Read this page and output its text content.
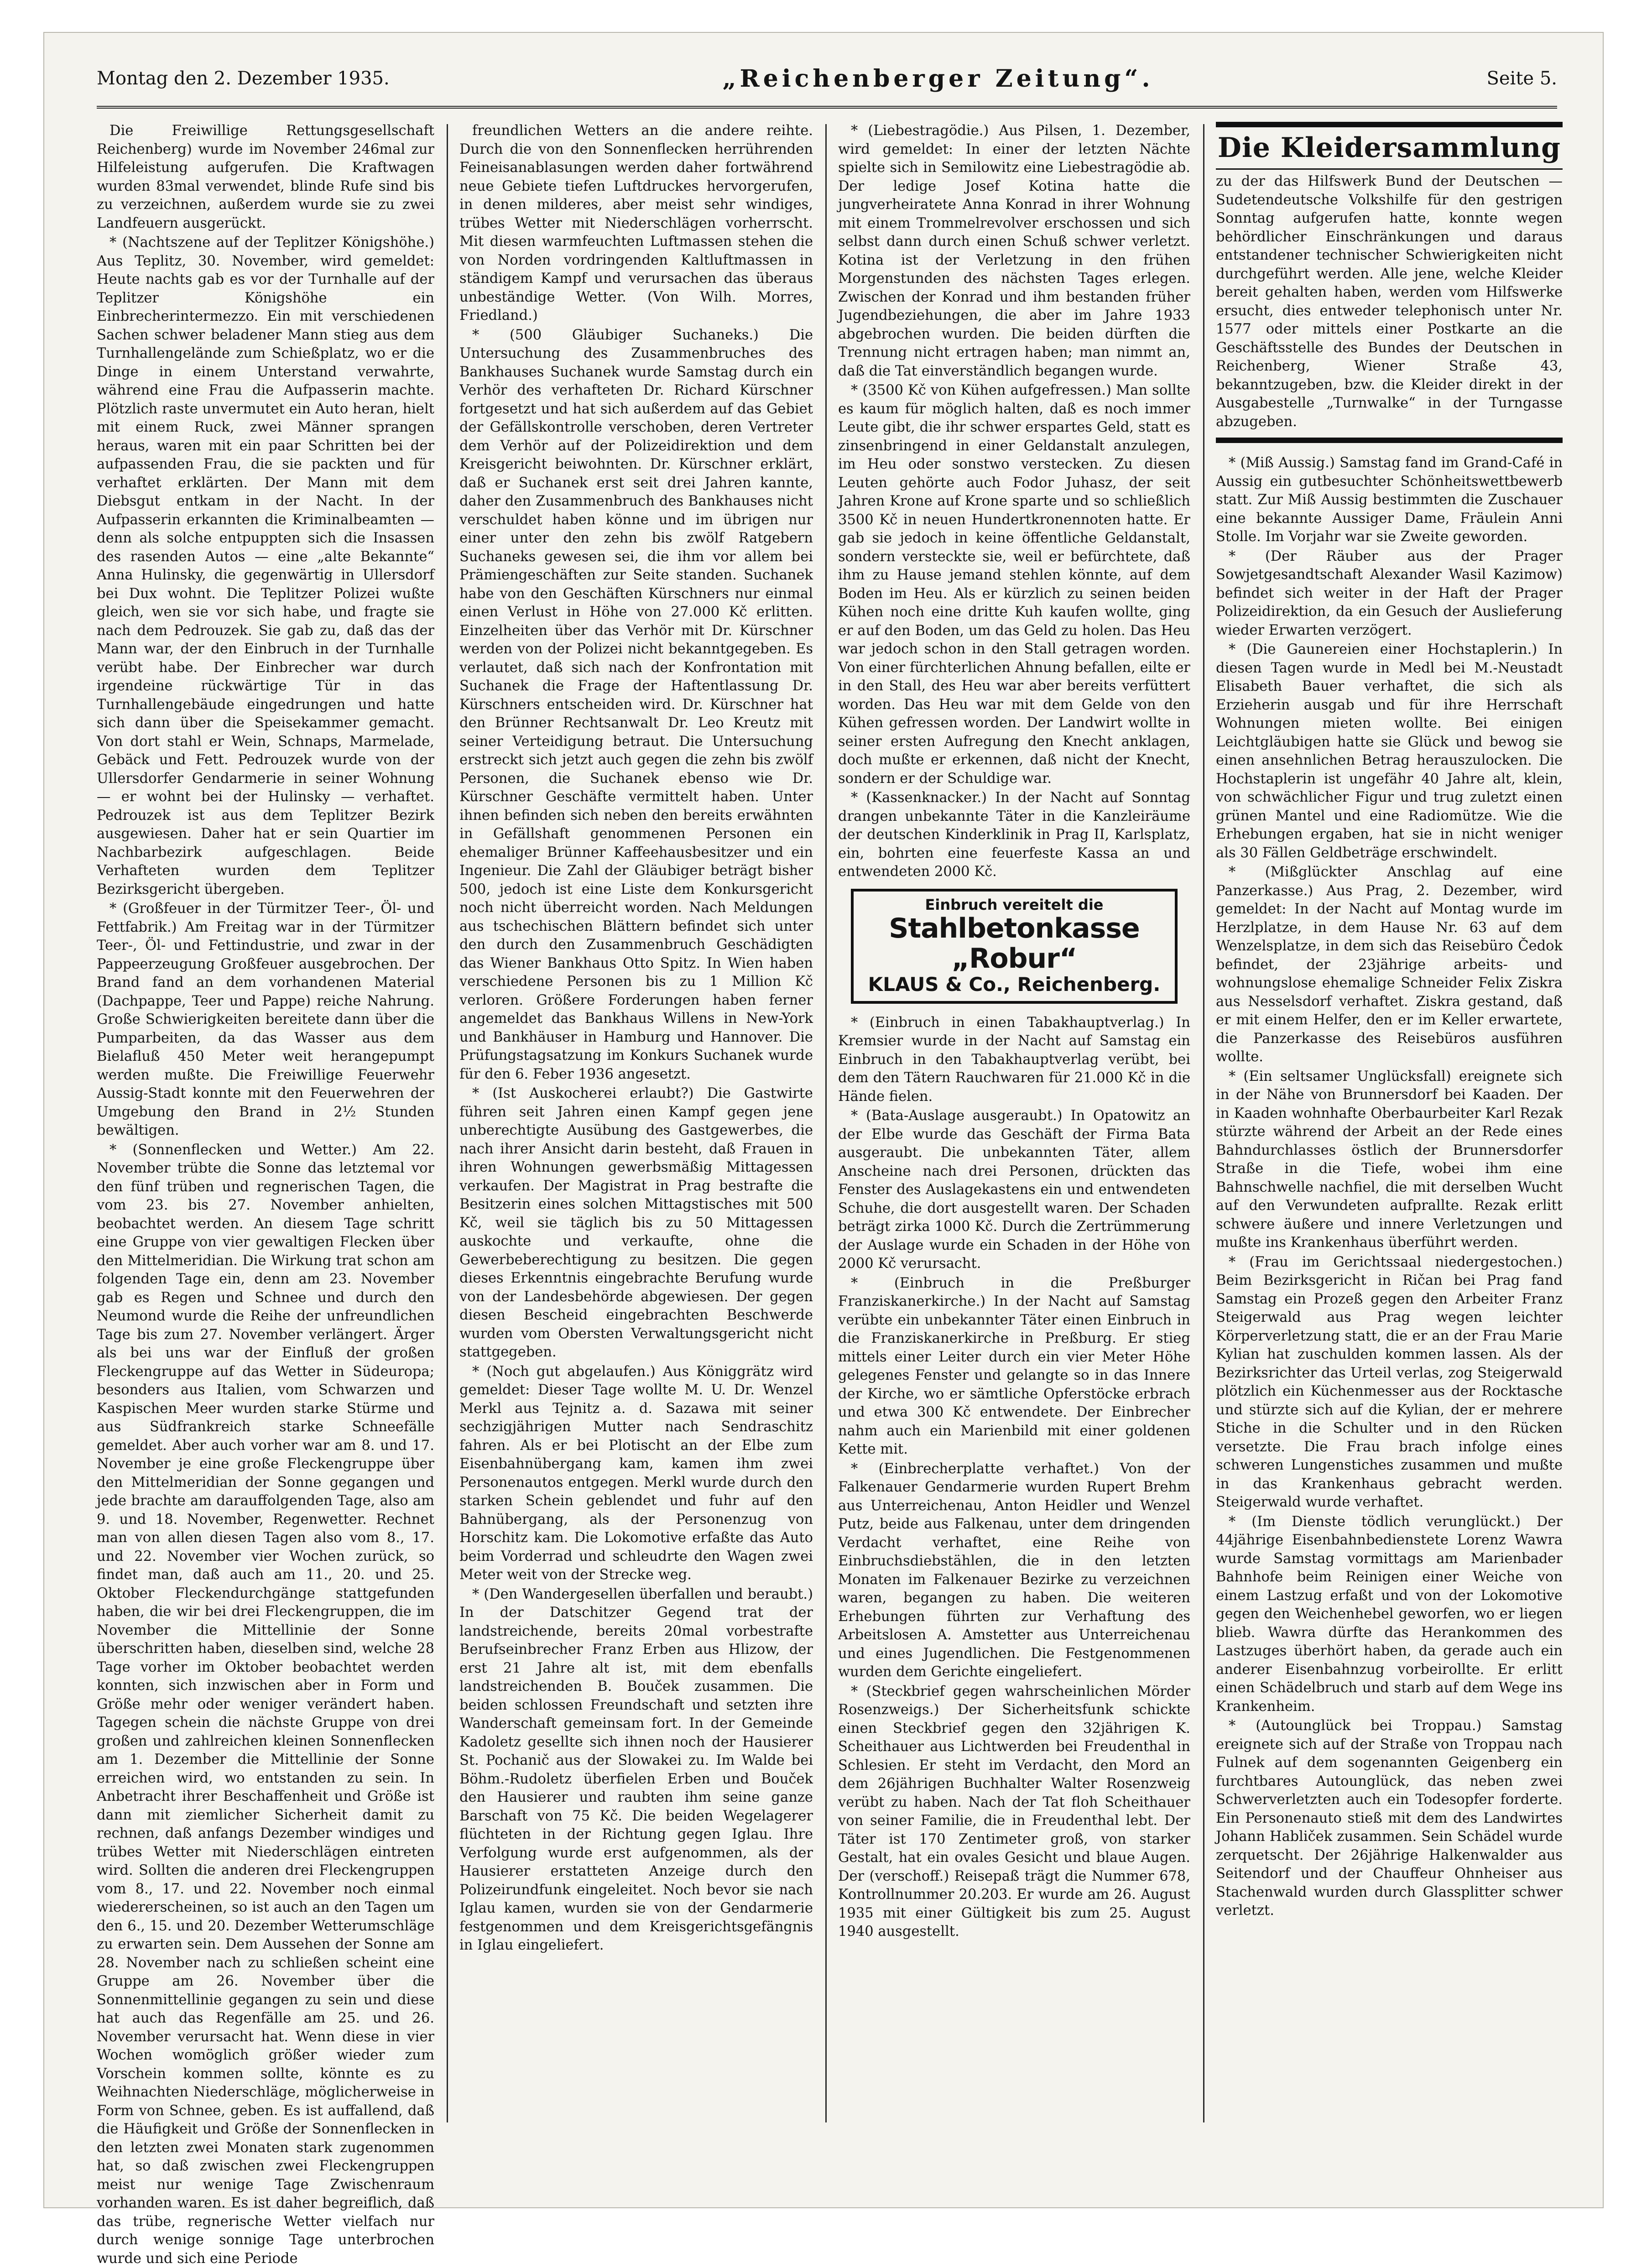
Montag den 2. Dezember 1935.	„Reichenberger Zeitung“.	Seite 5.

Die Freiwillige Rettungsgesellschaft Reichenberg) wurde im November 246mal zur Hilfeleistung aufgerufen. Die Kraftwagen wurden 83mal verwendet, blinde Rufe sind bis zu verzeichnen, außerdem wurde sie zu zwei Landfeuern ausgerückt.

* (Nachtszene auf der Teplitzer Königshöhe.) Aus Teplitz, 30. November, wird gemeldet: Heute nachts gab es vor der Turnhalle auf der Teplitzer Königshöhe ein Einbrecherintermezzo. Ein mit verschiedenen Sachen schwer beladener Mann stieg aus dem Turnhallengelände zum Schießplatz, wo er die Dinge in einem Unterstand verwahrte, während eine Frau die Aufpasserin machte. Plötzlich raste unvermutet ein Auto heran, hielt mit einem Ruck, zwei Männer sprangen heraus, waren mit ein paar Schritten bei der aufpassenden Frau, die sie packten und für verhaftet erklärten. Der Mann mit dem Diebsgut entkam in der Nacht. In der Aufpasserin erkannten die Kriminalbeamten — denn als solche entpuppten sich die Insassen des rasenden Autos — eine „alte Bekannte“ Anna Hulinsky, die gegenwärtig in Ullersdorf bei Dux wohnt. Die Teplitzer Polizei wußte gleich, wen sie vor sich habe, und fragte sie nach dem Pedrouzek. Sie gab zu, daß das der Mann war, der den Einbruch in der Turnhalle verübt habe. Der Einbrecher war durch irgendeine rückwärtige Tür in das Turnhallengebäude eingedrungen und hatte sich dann über die Speisekammer gemacht. Von dort stahl er Wein, Schnaps, Marmelade, Gebäck und Fett. Pedrouzek wurde von der Ullersdorfer Gendarmerie in seiner Wohnung — er wohnt bei der Hulinsky — verhaftet. Pedrouzek ist aus dem Teplitzer Bezirk ausgewiesen. Daher hat er sein Quartier im Nachbarbezirk aufgeschlagen. Beide Verhafteten wurden dem Teplitzer Bezirksgericht übergeben.

* (Großfeuer in der Türmitzer Teer-, Öl- und Fettfabrik.) Am Freitag war in der Türmitzer Teer-, Öl- und Fettindustrie, und zwar in der Pappeerzeugung Großfeuer ausgebrochen. Der Brand fand an dem vorhandenen Material (Dachpappe, Teer und Pappe) reiche Nahrung. Große Schwierigkeiten bereitete dann über die Pumparbeiten, da das Wasser aus dem Bielafluß 450 Meter weit herangepumpt werden mußte. Die Freiwillige Feuerwehr Aussig-Stadt konnte mit den Feuerwehren der Umgebung den Brand in 2½ Stunden bewältigen.

* (Sonnenflecken und Wetter.) Am 22. November trübte die Sonne das letztemal vor den fünf trüben und regnerischen Tagen, die vom 23. bis 27. November anhielten, beobachtet werden. An diesem Tage schritt eine Gruppe von vier gewaltigen Flecken über den Mittelmeridian. Die Wirkung trat schon am folgenden Tage ein, denn am 23. November gab es Regen und Schnee und durch den Neumond wurde die Reihe der unfreundlichen Tage bis zum 27. November verlängert. Ärger als bei uns war der Einfluß der großen Fleckengruppe auf das Wetter in Südeuropa; besonders aus Italien, vom Schwarzen und Kaspischen Meer wurden starke Stürme und aus Südfrankreich starke Schneefälle gemeldet. Aber auch vorher war am 8. und 17. November je eine große Fleckengruppe über den Mittelmeridian der Sonne gegangen und jede brachte am darauffolgenden Tage, also am 9. und 18. November, Regenwetter. Rechnet man von allen diesen Tagen also vom 8., 17. und 22. November vier Wochen zurück, so findet man, daß auch am 11., 20. und 25. Oktober Fleckendurchgänge stattgefunden haben, die wir bei drei Fleckengruppen, die im November die Mittellinie der Sonne überschritten haben, dieselben sind, welche 28 Tage vorher im Oktober beobachtet werden konnten, sich inzwischen aber in Form und Größe mehr oder weniger verändert haben. Tagegen schein die nächste Gruppe von drei großen und zahlreichen kleinen Sonnenflecken am 1. Dezember die Mittellinie der Sonne erreichen wird, wo entstanden zu sein. In Anbetracht ihrer Beschaffenheit und Größe ist dann mit ziemlicher Sicherheit damit zu rechnen, daß anfangs Dezember windiges und trübes Wetter mit Niederschlägen eintreten wird. Sollten die anderen drei Fleckengruppen vom 8., 17. und 22. November noch einmal wiedererscheinen, so ist auch an den Tagen um den 6., 15. und 20. Dezember Wetterumschläge zu erwarten sein. Dem Aussehen der Sonne am 28. November nach zu schließen scheint eine Gruppe am 26. November über die Sonnenmittellinie gegangen zu sein und diese hat auch das Regenfälle am 25. und 26. November verursacht hat. Wenn diese in vier Wochen womöglich größer wieder zum Vorschein kommen sollte, könnte es zu Weihnachten Niederschläge, möglicherweise in Form von Schnee, geben. Es ist auffallend, daß die Häufigkeit und Größe der Sonnenflecken in den letzten zwei Monaten stark zugenommen hat, so daß zwischen zwei Fleckengruppen meist nur wenige Tage Zwischenraum vorhanden waren. Es ist daher begreiflich, daß das trübe, regnerische Wetter vielfach nur durch wenige sonnige Tage unterbrochen wurde und sich eine Periode

freundlichen Wetters an die andere reihte. Durch die von den Sonnenflecken herrührenden Feineisanablasungen werden daher fortwährend neue Gebiete tiefen Luftdruckes hervorgerufen, in denen milderes, aber meist sehr windiges, trübes Wetter mit Niederschlägen vorherrscht. Mit diesen warmfeuchten Luftmassen stehen die von Norden vordringenden Kaltluftmassen in ständigem Kampf und verursachen das überaus unbeständige Wetter. (Von Wilh. Morres, Friedland.)

* (500 Gläubiger Suchaneks.) Die Untersuchung des Zusammenbruches des Bankhauses Suchanek wurde Samstag durch ein Verhör des verhafteten Dr. Richard Kürschner fortgesetzt und hat sich außerdem auf das Gebiet der Gefällskontrolle verschoben, deren Vertreter dem Verhör auf der Polizeidirektion und dem Kreisgericht beiwohnten. Dr. Kürschner erklärt, daß er Suchanek erst seit drei Jahren kannte, daher den Zusammenbruch des Bankhauses nicht verschuldet haben könne und im übrigen nur einer unter den zehn bis zwölf Ratgebern Suchaneks gewesen sei, die ihm vor allem bei Prämiengeschäften zur Seite standen. Suchanek habe von den Geschäften Kürschners nur einmal einen Verlust in Höhe von 27.000 Kč erlitten. Einzelheiten über das Verhör mit Dr. Kürschner werden von der Polizei nicht bekanntgegeben. Es verlautet, daß sich nach der Konfrontation mit Suchanek die Frage der Haftentlassung Dr. Kürschners entscheiden wird. Dr. Kürschner hat den Brünner Rechtsanwalt Dr. Leo Kreutz mit seiner Verteidigung betraut. Die Untersuchung erstreckt sich jetzt auch gegen die zehn bis zwölf Personen, die Suchanek ebenso wie Dr. Kürschner Geschäfte vermittelt haben. Unter ihnen befinden sich neben den bereits erwähnten in Gefällshaft genommenen Personen ein ehemaliger Brünner Kaffeehausbesitzer und ein Ingenieur. Die Zahl der Gläubiger beträgt bisher 500, jedoch ist eine Liste dem Konkursgericht noch nicht überreicht worden. Nach Meldungen aus tschechischen Blättern befindet sich unter den durch den Zusammenbruch Geschädigten das Wiener Bankhaus Otto Spitz. In Wien haben verschiedene Personen bis zu 1 Million Kč verloren. Größere Forderungen haben ferner angemeldet das Bankhaus Willens in New-York und Bankhäuser in Hamburg und Hannover. Die Prüfungstagsatzung im Konkurs Suchanek wurde für den 6. Feber 1936 angesetzt.

* (Ist Auskocherei erlaubt?) Die Gastwirte führen seit Jahren einen Kampf gegen jene unberechtigte Ausübung des Gastgewerbes, die nach ihrer Ansicht darin besteht, daß Frauen in ihren Wohnungen gewerbsmäßig Mittagessen verkaufen. Der Magistrat in Prag bestrafte die Besitzerin eines solchen Mittagstisches mit 500 Kč, weil sie täglich bis zu 50 Mittagessen auskochte und verkaufte, ohne die Gewerbeberechtigung zu besitzen. Die gegen dieses Erkenntnis eingebrachte Berufung wurde von der Landesbehörde abgewiesen. Der gegen diesen Bescheid eingebrachten Beschwerde wurden vom Obersten Verwaltungsgericht nicht stattgegeben.

* (Noch gut abgelaufen.) Aus Königgrätz wird gemeldet: Dieser Tage wollte M. U. Dr. Wenzel Merkl aus Tejnitz a. d. Sazawa mit seiner sechzigjährigen Mutter nach Sendraschitz fahren. Als er bei Plotischt an der Elbe zum Eisenbahnübergang kam, kamen ihm zwei Personenautos entgegen. Merkl wurde durch den starken Schein geblendet und fuhr auf den Bahnübergang, als der Personenzug von Horschitz kam. Die Lokomotive erfaßte das Auto beim Vorderrad und schleudrte den Wagen zwei Meter weit von der Strecke weg.

* (Den Wandergesellen überfallen und beraubt.) In der Datschitzer Gegend trat der landstreichende, bereits 20mal vorbestrafte Berufseinbrecher Franz Erben aus Hlizow, der erst 21 Jahre alt ist, mit dem ebenfalls landstreichenden B. Bouček zusammen. Die beiden schlossen Freundschaft und setzten ihre Wanderschaft gemeinsam fort. In der Gemeinde Kadoletz gesellte sich ihnen noch der Hausierer St. Pochanič aus der Slowakei zu. Im Walde bei Böhm.-Rudoletz überfielen Erben und Bouček den Hausierer und raubten ihm seine ganze Barschaft von 75 Kč. Die beiden Wegelagerer flüchteten in der Richtung gegen Iglau. Ihre Verfolgung wurde erst aufgenommen, als der Hausierer erstatteten Anzeige durch den Polizeirundfunk eingeleitet. Noch bevor sie nach Iglau kamen, wurden sie von der Gendarmerie festgenommen und dem Kreisgerichtsgefängnis in Iglau eingeliefert.

* (Liebestragödie.) Aus Pilsen, 1. Dezember, wird gemeldet: In einer der letzten Nächte spielte sich in Semilowitz eine Liebestragödie ab. Der ledige Josef Kotina hatte die jungverheiratete Anna Konrad in ihrer Wohnung mit einem Trommelrevolver erschossen und sich selbst dann durch einen Schuß schwer verletzt. Kotina ist der Verletzung in den frühen Morgenstunden des nächsten Tages erlegen. Zwischen der Konrad und ihm bestanden früher Jugendbeziehungen, die aber im Jahre 1933 abgebrochen wurden. Die beiden dürften die Trennung nicht ertragen haben; man nimmt an, daß die Tat einverständlich begangen wurde.

* (3500 Kč von Kühen aufgefressen.) Man sollte es kaum für möglich halten, daß es noch immer Leute gibt, die ihr schwer erspartes Geld, statt es zinsenbringend in einer Geldanstalt anzulegen, im Heu oder sonstwo verstecken. Zu diesen Leuten gehörte auch Fodor Juhasz, der seit Jahren Krone auf Krone sparte und so schließlich 3500 Kč in neuen Hundertkronennoten hatte. Er gab sie jedoch in keine öffentliche Geldanstalt, sondern versteckte sie, weil er befürchtete, daß ihm zu Hause jemand stehlen könnte, auf dem Boden im Heu. Als er kürzlich zu seinen beiden Kühen noch eine dritte Kuh kaufen wollte, ging er auf den Boden, um das Geld zu holen. Das Heu war jedoch schon in den Stall getragen worden. Von einer fürchterlichen Ahnung befallen, eilte er in den Stall, des Heu war aber bereits verfüttert worden. Das Heu war mit dem Gelde von den Kühen gefressen worden. Der Landwirt wollte in seiner ersten Aufregung den Knecht anklagen, doch mußte er erkennen, daß nicht der Knecht, sondern er der Schuldige war.

* (Kassenknacker.) In der Nacht auf Sonntag drangen unbekannte Täter in die Kanzleiräume der deutschen Kinderklinik in Prag II, Karlsplatz, ein, bohrten eine feuerfeste Kassa an und entwendeten 2000 Kč.

Einbruch vereitelt die
Stahlbetonkasse „Robur“
KLAUS & Co., Reichenberg.

* (Einbruch in einen Tabakhauptverlag.) In Kremsier wurde in der Nacht auf Samstag ein Einbruch in den Tabakhauptverlag verübt, bei dem den Tätern Rauchwaren für 21.000 Kč in die Hände fielen.

* (Bata-Auslage ausgeraubt.) In Opatowitz an der Elbe wurde das Geschäft der Firma Bata ausgeraubt. Die unbekannten Täter, allem Anscheine nach drei Personen, drückten das Fenster des Auslagekastens ein und entwendeten Schuhe, die dort ausgestellt waren. Der Schaden beträgt zirka 1000 Kč. Durch die Zertrümmerung der Auslage wurde ein Schaden in der Höhe von 2000 Kč verursacht.

* (Einbruch in die Preßburger Franziskanerkirche.) In der Nacht auf Samstag verübte ein unbekannter Täter einen Einbruch in die Franziskanerkirche in Preßburg. Er stieg mittels einer Leiter durch ein vier Meter Höhe gelegenes Fenster und gelangte so in das Innere der Kirche, wo er sämtliche Opferstöcke erbrach und etwa 300 Kč entwendete. Der Einbrecher nahm auch ein Marienbild mit einer goldenen Kette mit.

* (Einbrecherplatte verhaftet.) Von der Falkenauer Gendarmerie wurden Rupert Brehm aus Unterreichenau, Anton Heidler und Wenzel Putz, beide aus Falkenau, unter dem dringenden Verdacht verhaftet, eine Reihe von Einbruchsdiebstählen, die in den letzten Monaten im Falkenauer Bezirke zu verzeichnen waren, begangen zu haben. Die weiteren Erhebungen führten zur Verhaftung des Arbeitslosen A. Amstetter aus Unterreichenau und eines Jugendlichen. Die Festgenommenen wurden dem Gerichte eingeliefert.

* (Steckbrief gegen wahrscheinlichen Mörder Rosenzweigs.) Der Sicherheitsfunk schickte einen Steckbrief gegen den 32jährigen K. Scheithauer aus Lichtwerden bei Freudenthal in Schlesien. Er steht im Verdacht, den Mord an dem 26jährigen Buchhalter Walter Rosenzweig verübt zu haben. Nach der Tat floh Scheithauer von seiner Familie, die in Freudenthal lebt. Der Täter ist 170 Zentimeter groß, von starker Gestalt, hat ein ovales Gesicht und blaue Augen. Der (verschoff.) Reisepaß trägt die Nummer 678, Kontrollnummer 20.203. Er wurde am 26. August 1935 mit einer Gültigkeit bis zum 25. August 1940 ausgestellt.

Die Kleidersammlung

zu der das Hilfswerk Bund der Deutschen — Sudetendeutsche Volkshilfe für den gestrigen Sonntag aufgerufen hatte, konnte wegen behördlicher Einschränkungen und daraus entstandener technischer Schwierigkeiten nicht durchgeführt werden. Alle jene, welche Kleider bereit gehalten haben, werden vom Hilfswerke ersucht, dies entweder telephonisch unter Nr. 1577 oder mittels einer Postkarte an die Geschäftsstelle des Bundes der Deutschen in Reichenberg, Wiener Straße 43, bekanntzugeben, bzw. die Kleider direkt in der Ausgabestelle „Turnwalke“ in der Turngasse abzugeben.

* (Miß Aussig.) Samstag fand im Grand-Café in Aussig ein gutbesuchter Schönheitswettbewerb statt. Zur Miß Aussig bestimmten die Zuschauer eine bekannte Aussiger Dame, Fräulein Anni Stolle. Im Vorjahr war sie Zweite geworden.

* (Der Räuber aus der Prager Sowjetgesandtschaft Alexander Wasil Kazimow) befindet sich weiter in der Haft der Prager Polizeidirektion, da ein Gesuch der Auslieferung wieder Erwarten verzögert.

* (Die Gaunereien einer Hochstaplerin.) In diesen Tagen wurde in Medl bei M.-Neustadt Elisabeth Bauer verhaftet, die sich als Erzieherin ausgab und für ihre Herrschaft Wohnungen mieten wollte. Bei einigen Leichtgläubigen hatte sie Glück und bewog sie einen ansehnlichen Betrag herauszulocken. Die Hochstaplerin ist ungefähr 40 Jahre alt, klein, von schwächlicher Figur und trug zuletzt einen grünen Mantel und eine Radiomütze. Wie die Erhebungen ergaben, hat sie in nicht weniger als 30 Fällen Geldbeträge erschwindelt.

* (Mißglückter Anschlag auf eine Panzerkasse.) Aus Prag, 2. Dezember, wird gemeldet: In der Nacht auf Montag wurde im Herzlplatze, in dem Hause Nr. 63 auf dem Wenzelsplatze, in dem sich das Reisebüro Čedok befindet, der 23jährige arbeits- und wohnungslose ehemalige Schneider Felix Ziskra aus Nesselsdorf verhaftet. Ziskra gestand, daß er mit einem Helfer, den er im Keller erwartete, die Panzerkasse des Reisebüros ausführen wollte.

* (Ein seltsamer Unglücksfall) ereignete sich in der Nähe von Brunnersdorf bei Kaaden. Der in Kaaden wohnhafte Oberbaurbeiter Karl Rezak stürzte während der Arbeit an der Rede eines Bahndurchlasses östlich der Brunnersdorfer Straße in die Tiefe, wobei ihm eine Bahnschwelle nachfiel, die mit derselben Wucht auf den Verwundeten aufprallte. Rezak erlitt schwere äußere und innere Verletzungen und mußte ins Krankenhaus überführt werden.

* (Frau im Gerichtssaal niedergestochen.) Beim Bezirksgericht in Ričan bei Prag fand Samstag ein Prozeß gegen den Arbeiter Franz Steigerwald aus Prag wegen leichter Körperverletzung statt, die er an der Frau Marie Kylian hat zuschulden kommen lassen. Als der Bezirksrichter das Urteil verlas, zog Steigerwald plötzlich ein Küchenmesser aus der Rocktasche und stürzte sich auf die Kylian, der er mehrere Stiche in die Schulter und in den Rücken versetzte. Die Frau brach infolge eines schweren Lungenstiches zusammen und mußte in das Krankenhaus gebracht werden. Steigerwald wurde verhaftet.

* (Im Dienste tödlich verunglückt.) Der 44jährige Eisenbahnbedienstete Lorenz Wawra wurde Samstag vormittags am Marienbader Bahnhofe beim Reinigen einer Weiche von einem Lastzug erfaßt und von der Lokomotive gegen den Weichenhebel geworfen, wo er liegen blieb. Wawra dürfte das Herankommen des Lastzuges überhört haben, da gerade auch ein anderer Eisenbahnzug vorbeirollte. Er erlitt einen Schädelbruch und starb auf dem Wege ins Krankenheim.

* (Autounglück bei Troppau.) Samstag ereignete sich auf der Straße von Troppau nach Fulnek auf dem sogenannten Geigenberg ein furchtbares Autounglück, das neben zwei Schwerverletzten auch ein Todesopfer forderte. Ein Personenauto stieß mit dem des Landwirtes Johann Habliček zusammen. Sein Schädel wurde zerquetscht. Der 26jährige Halkenwalder aus Seitendorf und der Chauffeur Ohnheiser aus Stachenwald wurden durch Glassplitter schwer verletzt.
